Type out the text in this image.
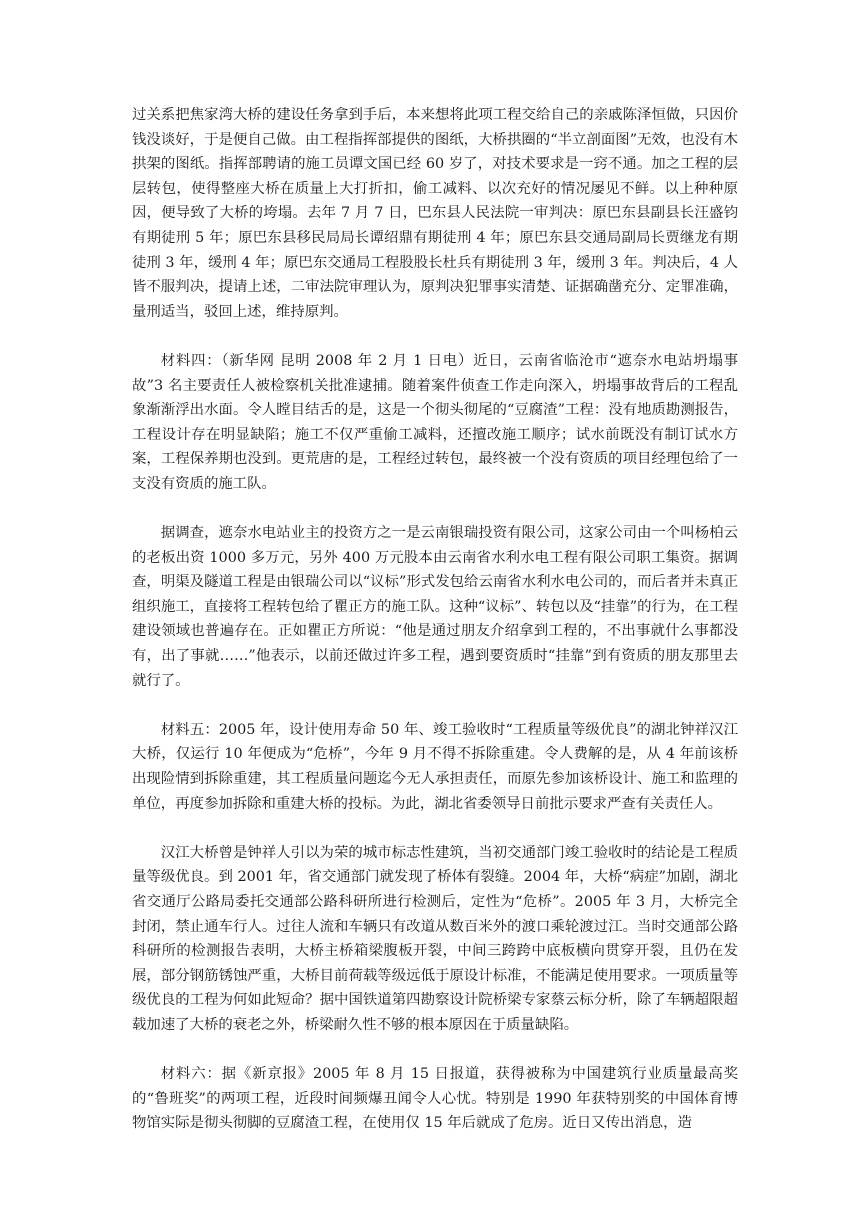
过关系把焦家湾大桥的建设任务拿到手后，本来想将此项工程交给自己的亲戚陈泽恒做，只因价钱没谈好，于是便自己做。由工程指挥部提供的图纸，大桥拱圈的“半立剖面图”无效，也没有木拱架的图纸。指挥部聘请的施工员谭文国已经 60 岁了，对技术要求是一窍不通。加之工程的层层转包，使得整座大桥在质量上大打折扣，偷工减料、以次充好的情况屡见不鲜。以上种种原因，便导致了大桥的垮塌。去年 7 月 7 日，巴东县人民法院一审判决：原巴东县副县长汪盛钧有期徒刑 5 年；原巴东县移民局局长谭绍鼎有期徒刑 4 年；原巴东县交通局副局长贾继龙有期徒刑 3 年，缓刑 4 年；原巴东交通局工程股股长杜兵有期徒刑 3 年，缓刑 3 年。判决后，4 人皆不服判决，提请上述，二审法院审理认为，原判决犯罪事实清楚、证据确凿充分、定罪准确，量刑适当，驳回上述，维持原判。

材料四：（新华网 昆明 2008 年 2 月 1 日电）近日，云南省临沧市“遮奈水电站坍塌事故”3 名主要责任人被检察机关批准逮捕。随着案件侦查工作走向深入，坍塌事故背后的工程乱象渐渐浮出水面。令人瞠目结舌的是，这是一个彻头彻尾的“豆腐渣”工程：没有地质勘测报告，工程设计存在明显缺陷；施工不仅严重偷工减料，还擅改施工顺序；试水前既没有制订试水方案，工程保养期也没到。更荒唐的是，工程经过转包，最终被一个没有资质的项目经理包给了一支没有资质的施工队。

据调查，遮奈水电站业主的投资方之一是云南银瑞投资有限公司，这家公司由一个叫杨柏云的老板出资 1000 多万元，另外 400 万元股本由云南省水利水电工程有限公司职工集资。据调查，明渠及隧道工程是由银瑞公司以“议标”形式发包给云南省水利水电公司的，而后者并未真正组织施工，直接将工程转包给了瞿正方的施工队。这种“议标”、转包以及“挂靠”的行为，在工程建设领域也普遍存在。正如瞿正方所说：“他是通过朋友介绍拿到工程的，不出事就什么事都没有，出了事就……”他表示，以前还做过许多工程，遇到要资质时“挂靠”到有资质的朋友那里去就行了。

材料五：2005 年，设计使用寿命 50 年、竣工验收时“工程质量等级优良”的湖北钟祥汉江大桥，仅运行 10 年便成为“危桥”，今年 9 月不得不拆除重建。令人费解的是，从 4 年前该桥出现险情到拆除重建，其工程质量问题迄今无人承担责任，而原先参加该桥设计、施工和监理的单位，再度参加拆除和重建大桥的投标。为此，湖北省委领导日前批示要求严查有关责任人。

汉江大桥曾是钟祥人引以为荣的城市标志性建筑，当初交通部门竣工验收时的结论是工程质量等级优良。到 2001 年，省交通部门就发现了桥体有裂缝。2004 年，大桥“病症”加剧，湖北省交通厅公路局委托交通部公路科研所进行检测后，定性为“危桥”。2005 年 3 月，大桥完全封闭，禁止通车行人。过往人流和车辆只有改道从数百米外的渡口乘轮渡过江。当时交通部公路科研所的检测报告表明，大桥主桥箱梁腹板开裂，中间三跨跨中底板横向贯穿开裂，且仍在发展，部分钢筋锈蚀严重，大桥目前荷载等级远低于原设计标准，不能满足使用要求。一项质量等级优良的工程为何如此短命？据中国铁道第四勘察设计院桥梁专家蔡云标分析，除了车辆超限超载加速了大桥的衰老之外，桥梁耐久性不够的根本原因在于质量缺陷。

材料六：据《新京报》2005 年 8 月 15 日报道，获得被称为中国建筑行业质量最高奖的“鲁班奖”的两项工程，近段时间频爆丑闻令人心忧。特别是 1990 年获特别奖的中国体育博物馆实际是彻头彻脚的豆腐渣工程，在使用仅 15 年后就成了危房。近日又传出消息，造
